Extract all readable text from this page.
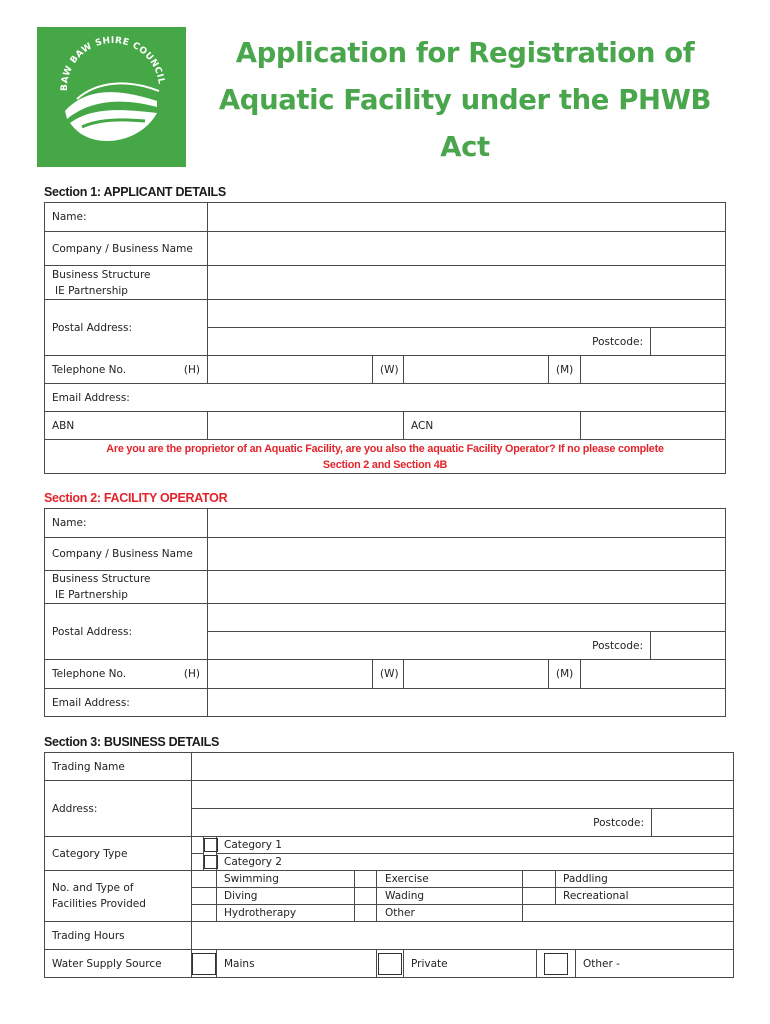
BAW BAW SHIRE COUNCIL
Application for Registration of
Aquatic Facility under the PHWB
Act
Section 1: APPLICANT DETAILS
Name:						
Company / Business Name						

Business Structure
IE Partnership						

Postal Address:						
	Postcode:					
Telephone No. (H)		(W)		(M)		
Email Address:						
ABN			ACN			

Are you are the proprietor of an Aquatic Facility, are you also the aquatic Facility Operator? If no please complete
Section 2 and Section 4B						
Section 2: FACILITY OPERATOR
Name:						
Company / Business Name						

Business Structure
IE Partnership						

Postal Address:						
	Postcode:					
Telephone No. (H)		(W)		(M)		
Email Address:						
Section 3: BUSINESS DETAILS
Trading Name											
Address:											
	Postcode:										
Category Type			Category 1								
			Category 2								

No. and Type of
Facilities Provided			Swimming		Exercise				Paddling		
			Diving		Wading				Recreational		
			Hydrotherapy		Other						
Trading Hours											
Water Supply Source			Mains			Private				Other -	
